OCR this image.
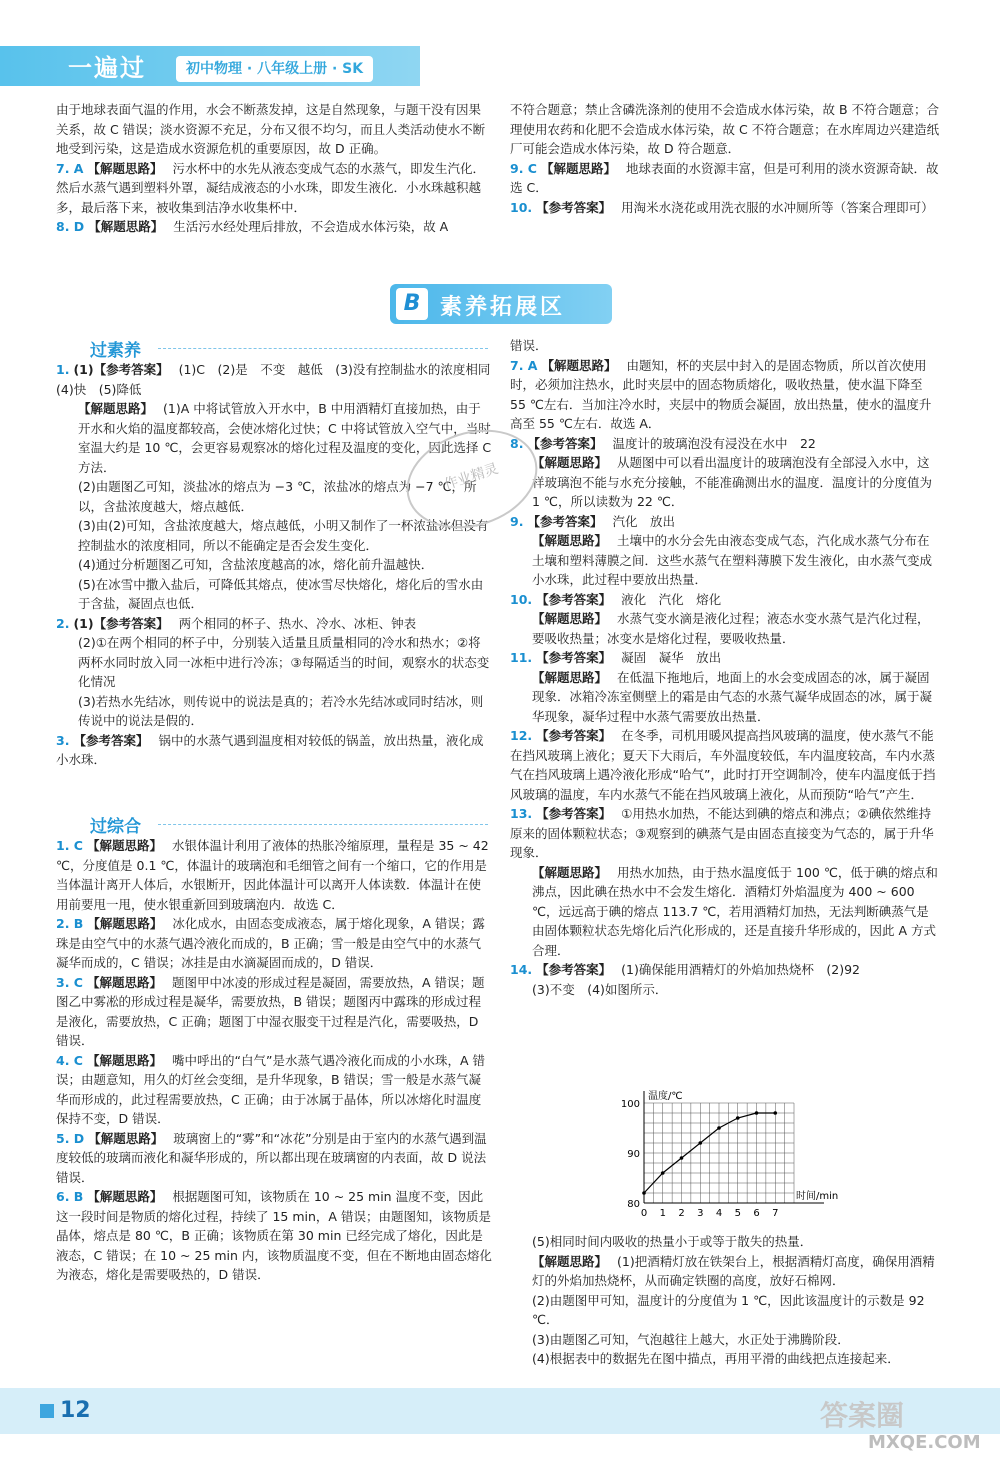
一遍过	初中物理 · 八年级上册 · SK

由于地球表面气温的作用，水会不断蒸发掉，这是自然现象，与题干没有因果关系，故 C 错误；淡水资源不充足，分布又很不均匀，而且人类活动使水不断地受到污染，这是造成水资源危机的重要原因，故 D 正确。

7. A 【解题思路】 污水杯中的水先从液态变成气态的水蒸气，即发生汽化．然后水蒸气遇到塑料外罩，凝结成液态的小水珠，即发生液化．小水珠越积越多，最后落下来，被收集到洁净水收集杯中．

8. D 【解题思路】 生活污水经处理后排放，不会造成水体污染，故 A

不符合题意；禁止含磷洗涤剂的使用不会造成水体污染，故 B 不符合题意；合理使用农药和化肥不会造成水体污染，故 C 不符合题意；在水库周边兴建造纸厂可能会造成水体污染，故 D 符合题意．

9. C 【解题思路】 地球表面的水资源丰富，但是可利用的淡水资源奇缺．故选 C．

10. 【参考答案】 用淘米水浇花或用洗衣服的水冲厕所等（答案合理即可）

B 素养拓展区
过素养

1. (1)【参考答案】 (1)C　(2)是　不变　越低　(3)没有控制盐水的浓度相同　(4)快　(5)降低

【解题思路】 (1)A 中将试管放入开水中，B 中用酒精灯直接加热，由于开水和火焰的温度都较高，会使冰熔化过快；C 中将试管放入空气中，当时室温大约是 10 ℃，会更容易观察冰的熔化过程及温度的变化，因此选择 C 方法．

(2)由题图乙可知，淡盐冰的熔点为 −3 ℃，浓盐冰的熔点为 −7 ℃，所以，含盐浓度越大，熔点越低．

(3)由(2)可知，含盐浓度越大，熔点越低，小明又制作了一杯浓盐冰但没有控制盐水的浓度相同，所以不能确定是否会发生变化．

(4)通过分析题图乙可知，含盐浓度越高的冰，熔化前升温越快．

(5)在冰雪中撒入盐后，可降低其熔点，使冰雪尽快熔化，熔化后的雪水由于含盐，凝固点也低．

2. (1)【参考答案】 两个相同的杯子、热水、冷水、冰柜、钟表

(2)①在两个相同的杯子中，分别装入适量且质量相同的冷水和热水；②将两杯水同时放入同一冰柜中进行冷冻；③每隔适当的时间，观察水的状态变化情况

(3)若热水先结冰，则传说中的说法是真的；若冷水先结冰或同时结冰，则传说中的说法是假的．

3. 【参考答案】 锅中的水蒸气遇到温度相对较低的锅盖，放出热量，液化成小水珠．

过综合

1. C 【解题思路】 水银体温计利用了液体的热胀冷缩原理，量程是 35 ~ 42 ℃，分度值是 0.1 ℃，体温计的玻璃泡和毛细管之间有一个缩口，它的作用是当体温计离开人体后，水银断开，因此体温计可以离开人体读数．体温计在使用前要甩一甩，使水银重新回到玻璃泡内．故选 C．

2. B 【解题思路】 冰化成水，由固态变成液态，属于熔化现象，A 错误；露珠是由空气中的水蒸气遇冷液化而成的，B 正确；雪一般是由空气中的水蒸气凝华而成的，C 错误；冰挂是由水滴凝固而成的，D 错误．

3. C 【解题思路】 题图甲中冰凌的形成过程是凝固，需要放热，A 错误；题图乙中雾凇的形成过程是凝华，需要放热，B 错误；题图丙中露珠的形成过程是液化，需要放热，C 正确；题图丁中湿衣服变干过程是汽化，需要吸热，D 错误．

4. C 【解题思路】 嘴中呼出的“白气”是水蒸气遇冷液化而成的小水珠，A 错误；由题意知，用久的灯丝会变细，是升华现象，B 错误；雪一般是水蒸气凝华而形成的，此过程需要放热，C 正确；由于冰属于晶体，所以冰熔化时温度保持不变，D 错误．

5. D 【解题思路】 玻璃窗上的“雾”和“冰花”分别是由于室内的水蒸气遇到温度较低的玻璃而液化和凝华形成的，所以都出现在玻璃窗的内表面，故 D 说法错误．

6. B 【解题思路】 根据题图可知，该物质在 10 ~ 25 min 温度不变，因此这一段时间是物质的熔化过程，持续了 15 min，A 错误；由题图知，该物质是晶体，熔点是 80 ℃，B 正确；该物质在第 30 min 已经完成了熔化，因此是液态，C 错误；在 10 ~ 25 min 内，该物质温度不变，但在不断地由固态熔化为液态，熔化是需要吸热的，D 错误．

错误．

7. A 【解题思路】 由题知，杯的夹层中封入的是固态物质，所以首次使用时，必须加注热水，此时夹层中的固态物质熔化，吸收热量，使水温下降至 55 ℃左右．当加注冷水时，夹层中的物质会凝固，放出热量，使水的温度升高至 55 ℃左右．故选 A．

8. 【参考答案】 温度计的玻璃泡没有浸没在水中　22

【解题思路】 从题图中可以看出温度计的玻璃泡没有全部浸入水中，这样玻璃泡不能与水充分接触，不能准确测出水的温度．温度计的分度值为 1 ℃，所以读数为 22 ℃．

9. 【参考答案】 汽化　放出

【解题思路】 土壤中的水分会先由液态变成气态，汽化成水蒸气分布在土壤和塑料薄膜之间．这些水蒸气在塑料薄膜下发生液化，由水蒸气变成小水珠，此过程中要放出热量．

10. 【参考答案】 液化　汽化　熔化

【解题思路】 水蒸气变水滴是液化过程；液态水变水蒸气是汽化过程，要吸收热量；冰变水是熔化过程，要吸收热量．

11. 【参考答案】 凝固　凝华　放出

【解题思路】 在低温下拖地后，地面上的水会变成固态的冰，属于凝固现象．冰箱冷冻室侧壁上的霜是由气态的水蒸气凝华成固态的冰，属于凝华现象，凝华过程中水蒸气需要放出热量．

12. 【参考答案】 在冬季，司机用暖风提高挡风玻璃的温度，使水蒸气不能在挡风玻璃上液化；夏天下大雨后，车外温度较低，车内温度较高，车内水蒸气在挡风玻璃上遇冷液化形成“哈气”，此时打开空调制冷，使车内温度低于挡风玻璃的温度，车内水蒸气不能在挡风玻璃上液化，从而预防“哈气”产生．

13. 【参考答案】 ①用热水加热，不能达到碘的熔点和沸点；②碘依然维持原来的固体颗粒状态；③观察到的碘蒸气是由固态直接变为气态的，属于升华现象．

【解题思路】 用热水加热，由于热水温度低于 100 ℃，低于碘的熔点和沸点，因此碘在热水中不会发生熔化．酒精灯外焰温度为 400 ~ 600 ℃，远远高于碘的熔点 113.7 ℃，若用酒精灯加热，无法判断碘蒸气是由固体颗粒状态先熔化后汽化形成的，还是直接升华形成的，因此 A 方式合理．

14. 【参考答案】 (1)确保能用酒精灯的外焰加热烧杯　(2)92

(3)不变　(4)如图所示．

0 1 2 3 4 5 6 7
80
90
100
温度/℃
时间/min

(5)相同时间内吸收的热量小于或等于散失的热量．

【解题思路】 (1)把酒精灯放在铁架台上，根据酒精灯高度，确保用酒精灯的外焰加热烧杯，从而确定铁圈的高度，放好石棉网．

(2)由题图甲可知，温度计的分度值为 1 ℃，因此该温度计的示数是 92 ℃．

(3)由题图乙可知，气泡越往上越大，水正处于沸腾阶段．

(4)根据表中的数据先在图中描点，再用平滑的曲线把点连接起来．

作业精灵
12	答案圈
MXQE.COM
